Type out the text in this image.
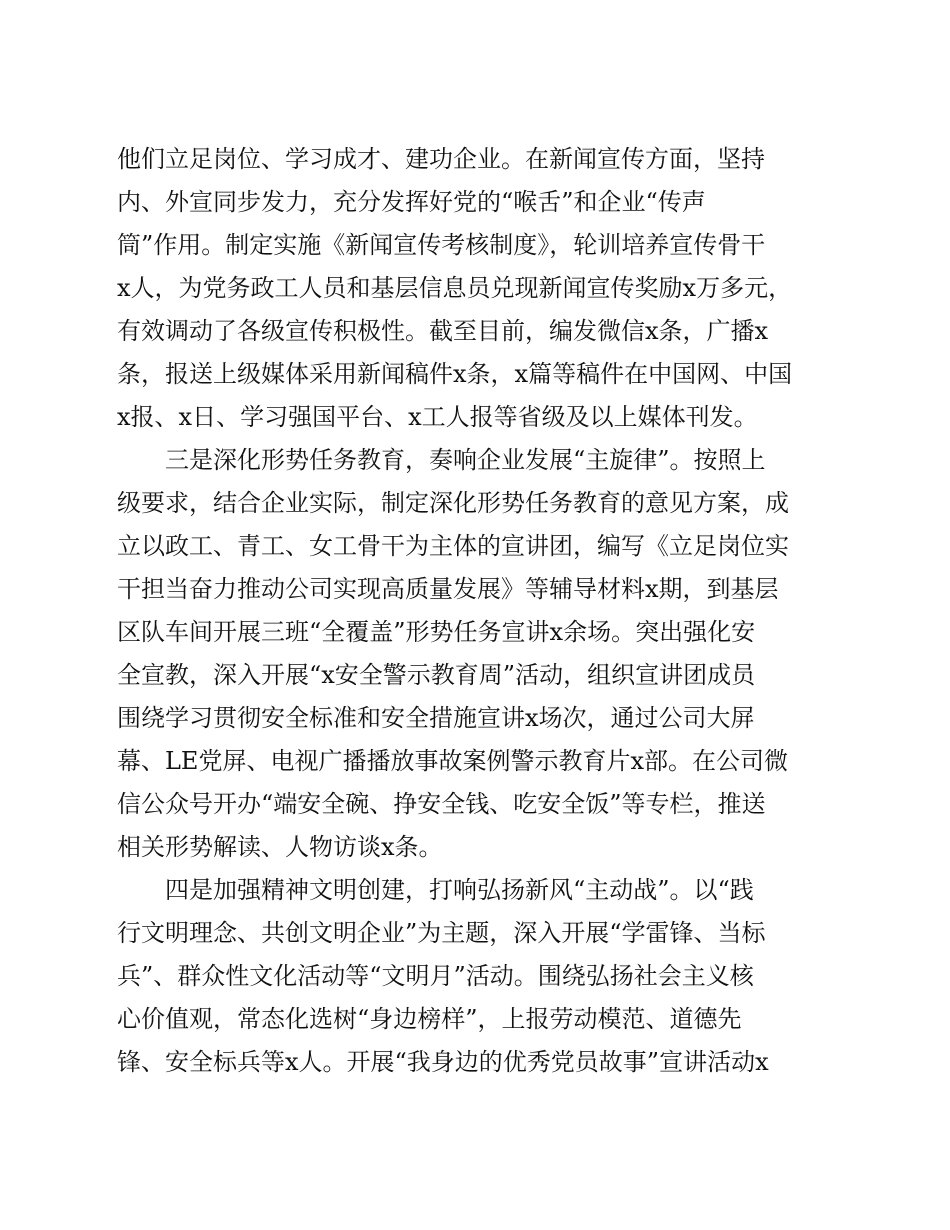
他们立足岗位、学习成才、建功企业。在新闻宣传方面，坚持
内、外宣同步发力，充分发挥好党的“喉舌”和企业“传声
筒”作用。制定实施《新闻宣传考核制度》，轮训培养宣传骨干
x人，为党务政工人员和基层信息员兑现新闻宣传奖励x万多元，
有效调动了各级宣传积极性。截至目前，编发微信x条，广播x
条，报送上级媒体采用新闻稿件x条，x篇等稿件在中国网、中国
x报、x日、学习强国平台、x工人报等省级及以上媒体刊发。
三是深化形势任务教育，奏响企业发展“主旋律”。按照上
级要求，结合企业实际，制定深化形势任务教育的意见方案，成
立以政工、青工、女工骨干为主体的宣讲团，编写《立足岗位实
干担当奋力推动公司实现高质量发展》等辅导材料x期，到基层
区队车间开展三班“全覆盖”形势任务宣讲x余场。突出强化安
全宣教，深入开展“x安全警示教育周”活动，组织宣讲团成员
围绕学习贯彻安全标准和安全措施宣讲x场次，通过公司大屏
幕、LE党屏、电视广播播放事故案例警示教育片x部。在公司微
信公众号开办“端安全碗、挣安全钱、吃安全饭”等专栏，推送
相关形势解读、人物访谈x条。
四是加强精神文明创建，打响弘扬新风“主动战”。以“践
行文明理念、共创文明企业”为主题，深入开展“学雷锋、当标
兵”、群众性文化活动等“文明月”活动。围绕弘扬社会主义核
心价值观，常态化选树“身边榜样”，上报劳动模范、道德先
锋、安全标兵等x人。开展“我身边的优秀党员故事”宣讲活动x
